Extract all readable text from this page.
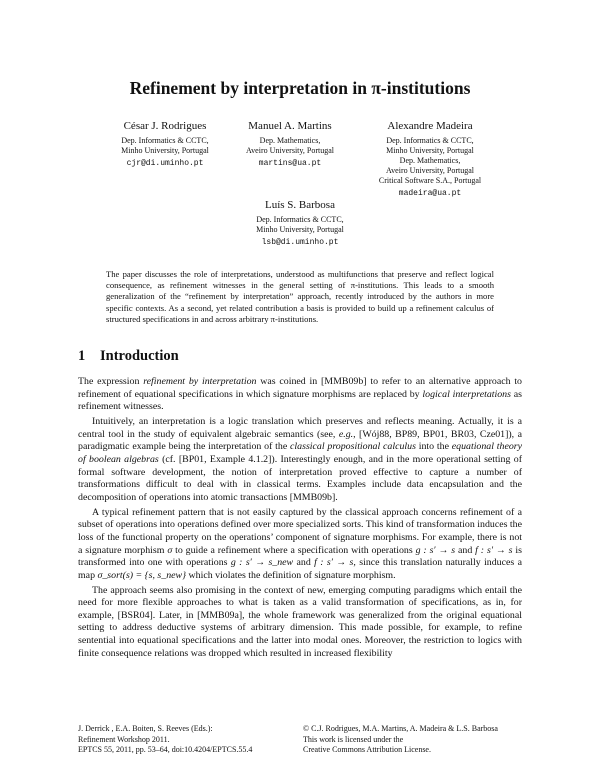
Refinement by interpretation in π-institutions
César J. Rodrigues
Dep. Informatics & CCTC,
Minho University, Portugal
cjr@di.uminho.pt
Manuel A. Martins
Dep. Mathematics,
Aveiro University, Portugal
martins@ua.pt
Alexandre Madeira
Dep. Informatics & CCTC,
Minho University, Portugal
Dep. Mathematics,
Aveiro University, Portugal
Critical Software S.A., Portugal
madeira@ua.pt
Luís S. Barbosa
Dep. Informatics & CCTC,
Minho University, Portugal
lsb@di.uminho.pt
The paper discusses the role of interpretations, understood as multifunctions that preserve and reflect logical consequence, as refinement witnesses in the general setting of π-institutions. This leads to a smooth generalization of the “refinement by interpretation” approach, recently introduced by the authors in more specific contexts. As a second, yet related contribution a basis is provided to build up a refinement calculus of structured specifications in and across arbitrary π-institutions.
1 Introduction

The expression refinement by interpretation was coined in [MMB09b] to refer to an alternative approach to refinement of equational specifications in which signature morphisms are replaced by logical interpretations as refinement witnesses.

Intuitively, an interpretation is a logic translation which preserves and reflects meaning. Actually, it is a central tool in the study of equivalent algebraic semantics (see, e.g., [Wój88, BP89, BP01, BR03, Cze01]), a paradigmatic example being the interpretation of the classical propositional calculus into the equational theory of boolean algebras (cf. [BP01, Example 4.1.2]). Interestingly enough, and in the more operational setting of formal software development, the notion of interpretation proved effective to capture a number of transformations difficult to deal with in classical terms. Examples include data encapsulation and the decomposition of operations into atomic transactions [MMB09b].

A typical refinement pattern that is not easily captured by the classical approach concerns refinement of a subset of operations into operations defined over more specialized sorts. This kind of transformation induces the loss of the functional property on the operations’ component of signature morphisms. For example, there is not a signature morphism σ to guide a refinement where a specification with operations g : s′ → s and f : s′ → s is transformed into one with operations g : s′ → s_new and f : s′ → s, since this translation naturally induces a map σ_sort(s) = {s, s_new} which violates the definition of signature morphism.

The approach seems also promising in the context of new, emerging computing paradigms which entail the need for more flexible approaches to what is taken as a valid transformation of specifications, as in, for example, [BSR04]. Later, in [MMB09a], the whole framework was generalized from the original equational setting to address deductive systems of arbitrary dimension. This made possible, for example, to refine sentential into equational specifications and the latter into modal ones. Moreover, the restriction to logics with finite consequence relations was dropped which resulted in increased flexibility

J. Derrick , E.A. Boiten, S. Reeves (Eds.):
Refinement Workshop 2011.
EPTCS 55, 2011, pp. 53–64, doi:10.4204/EPTCS.55.4
© C.J. Rodrigues, M.A. Martins, A. Madeira & L.S. Barbosa
This work is licensed under the
Creative Commons Attribution License.
